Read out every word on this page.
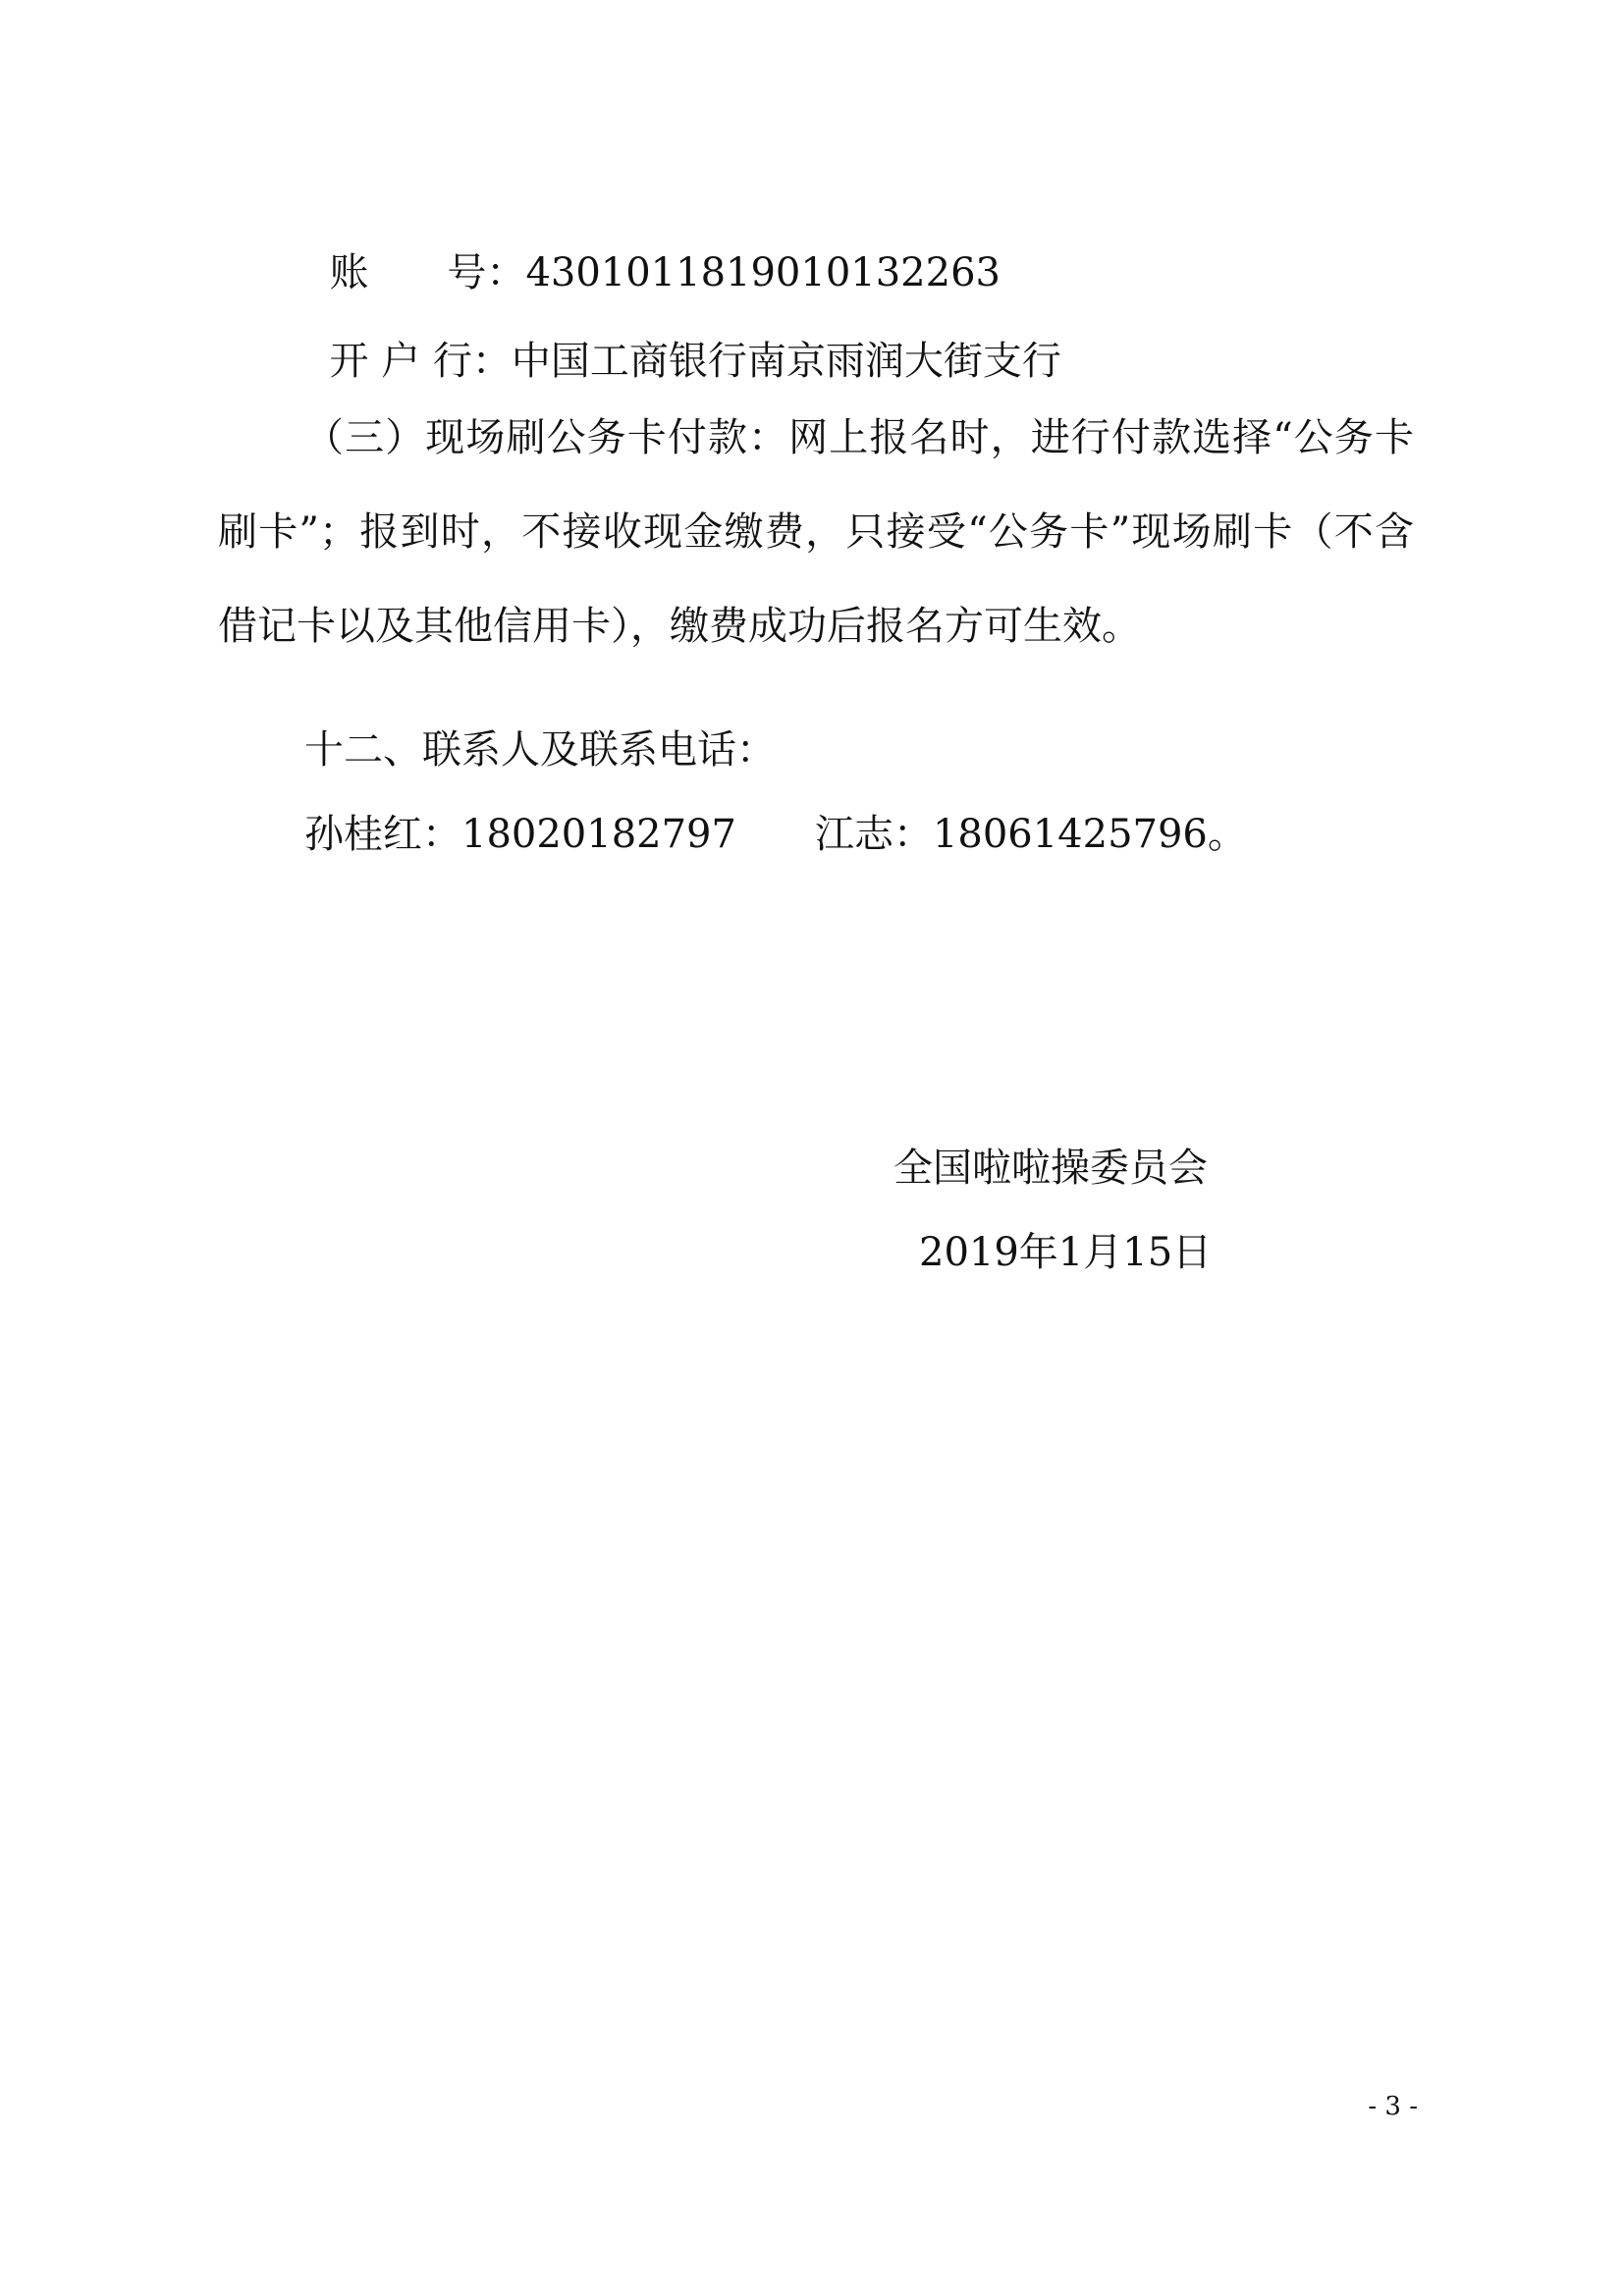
账　　号：4301011819010132263

开 户 行：中国工商银行南京雨润大街支行

（三）现场刷公务卡付款：网上报名时，进行付款选择“公务卡刷卡”；报到时，不接收现金缴费，只接受“公务卡”现场刷卡（不含借记卡以及其他信用卡），缴费成功后报名方可生效。
十二、联系人及联系电话：
孙桂红：18020182797　　江志：18061425796。
全国啦啦操委员会
2019年1月15日
- 3 -
